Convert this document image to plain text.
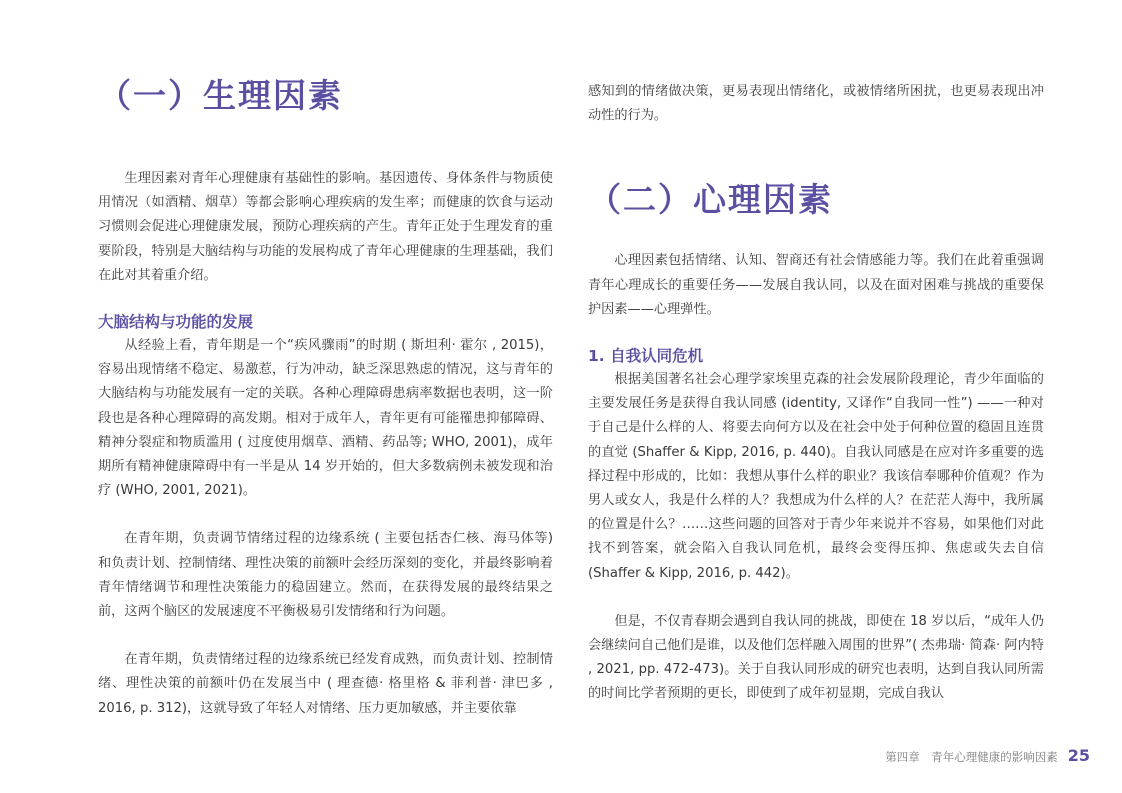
（一）生理因素

生理因素对青年心理健康有基础性的影响。基因遗传、身体条件与物质使用情况（如酒精、烟草）等都会影响心理疾病的发生率；而健康的饮食与运动习惯则会促进心理健康发展，预防心理疾病的产生。青年正处于生理发育的重要阶段，特别是大脑结构与功能的发展构成了青年心理健康的生理基础，我们在此对其着重介绍。

大脑结构与功能的发展

从经验上看，青年期是一个“疾风骤雨”的时期 ( 斯坦利· 霍尔 , 2015)，容易出现情绪不稳定、易激惹，行为冲动，缺乏深思熟虑的情况，这与青年的大脑结构与功能发展有一定的关联。各种心理障碍患病率数据也表明，这一阶段也是各种心理障碍的高发期。相对于成年人，青年更有可能罹患抑郁障碍、精神分裂症和物质滥用 ( 过度使用烟草、酒精、药品等; WHO, 2001)，成年期所有精神健康障碍中有一半是从 14 岁开始的，但大多数病例未被发现和治疗 (WHO, 2001, 2021)。

在青年期，负责调节情绪过程的边缘系统 ( 主要包括杏仁核、海马体等) 和负责计划、控制情绪、理性决策的前额叶会经历深刻的变化，并最终影响着青年情绪调节和理性决策能力的稳固建立。然而，在获得发展的最终结果之前，这两个脑区的发展速度不平衡极易引发情绪和行为问题。

在青年期，负责情绪过程的边缘系统已经发育成熟，而负责计划、控制情绪、理性决策的前额叶仍在发展当中 ( 理查德· 格里格 & 菲利普· 津巴多 , 2016, p. 312)，这就导致了年轻人对情绪、压力更加敏感，并主要依靠

感知到的情绪做决策，更易表现出情绪化，或被情绪所困扰，也更易表现出冲动性的行为。

（二）心理因素

心理因素包括情绪、认知、智商还有社会情感能力等。我们在此着重强调青年心理成长的重要任务——发展自我认同，以及在面对困难与挑战的重要保护因素——心理弹性。

1. 自我认同危机

根据美国著名社会心理学家埃里克森的社会发展阶段理论，青少年面临的主要发展任务是获得自我认同感 (identity, 又译作“自我同一性”) ——一种对于自己是什么样的人、将要去向何方以及在社会中处于何种位置的稳固且连贯的直觉 (Shaffer & Kipp, 2016, p. 440)。自我认同感是在应对许多重要的选择过程中形成的，比如：我想从事什么样的职业？我该信奉哪种价值观？作为男人或女人，我是什么样的人？我想成为什么样的人？在茫茫人海中，我所属的位置是什么？……这些问题的回答对于青少年来说并不容易，如果他们对此找不到答案，就会陷入自我认同危机，最终会变得压抑、焦虑或失去自信 (Shaffer & Kipp, 2016, p. 442)。

但是，不仅青春期会遇到自我认同的挑战，即使在 18 岁以后，“成年人仍会继续问自己他们是谁，以及他们怎样融入周围的世界”( 杰弗瑞· 简森· 阿内特 , 2021, pp. 472-473)。关于自我认同形成的研究也表明，达到自我认同所需的时间比学者预期的更长，即使到了成年初显期，完成自我认

第四章　青年心理健康的影响因素 25
